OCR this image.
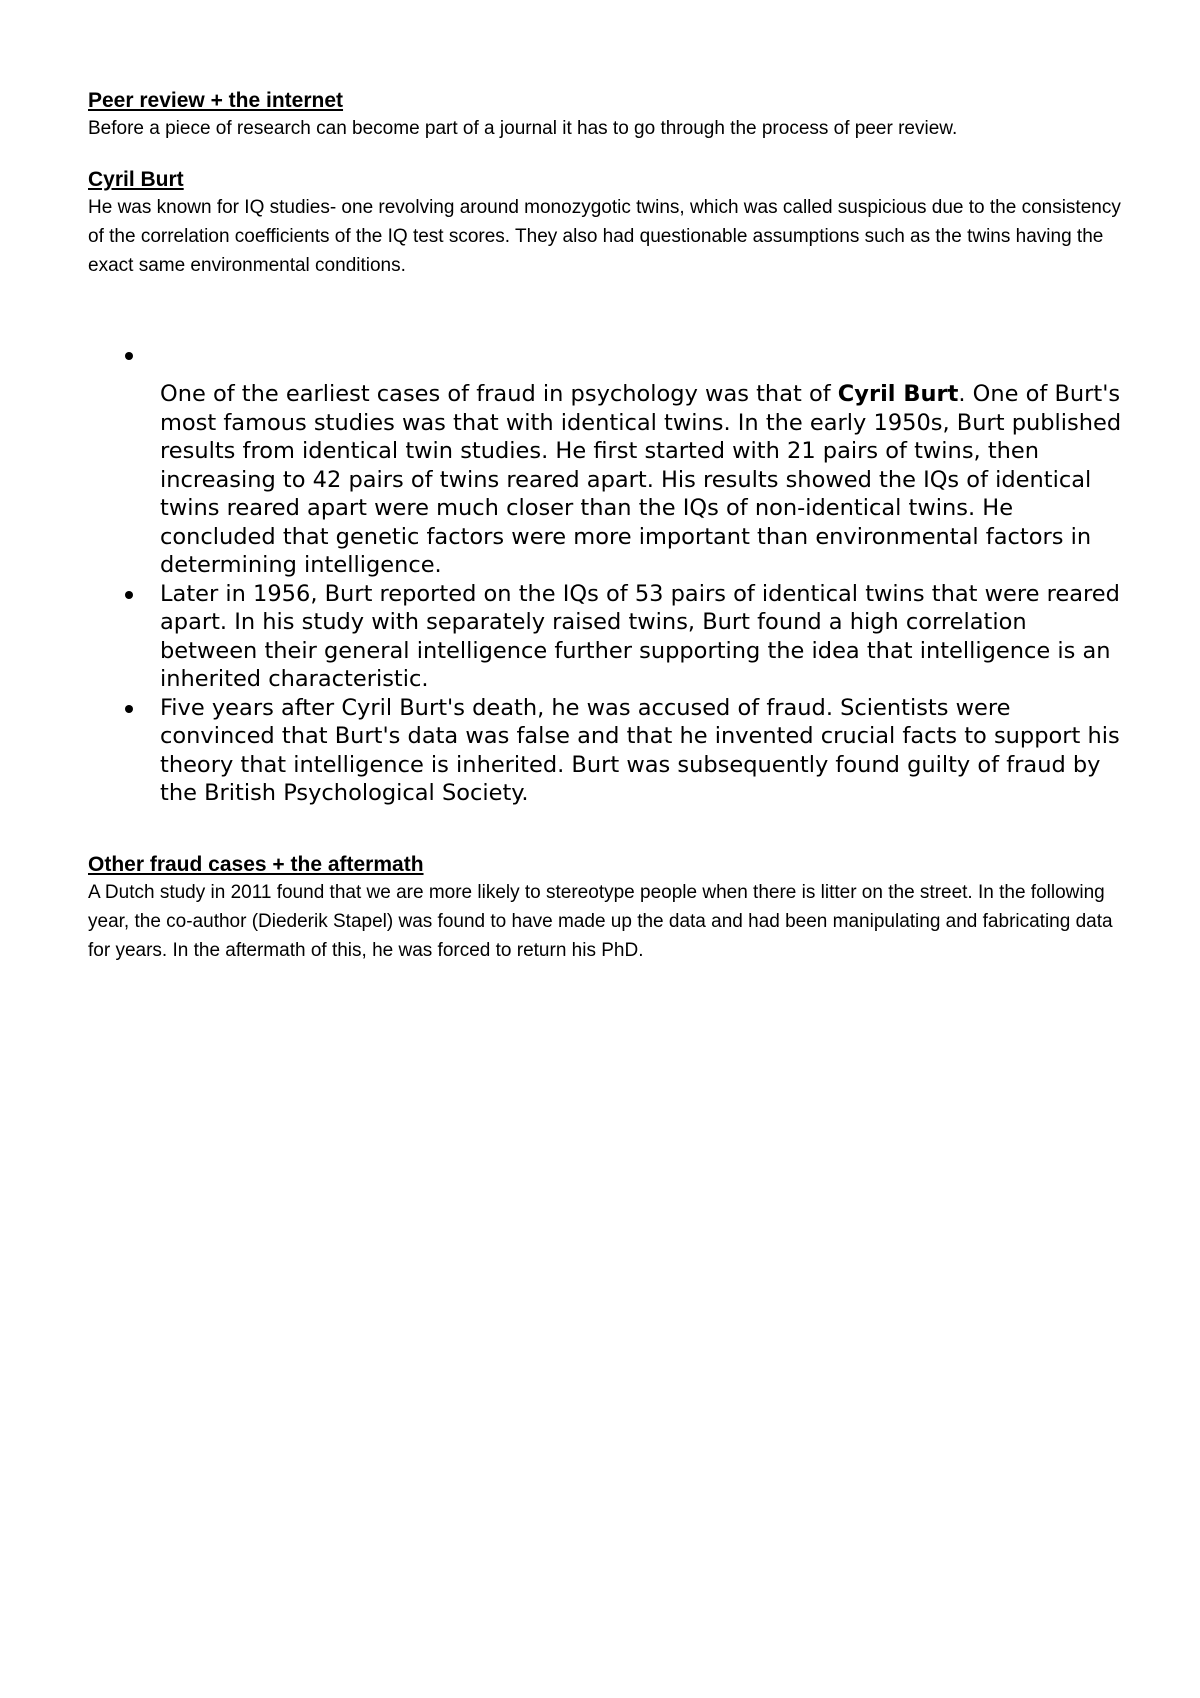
Peer review + the internet

Before a piece of research can become part of a journal it has to go through the process of peer review.

Cyril Burt

He was known for IQ studies- one revolving around monozygotic twins, which was called suspicious due to the consistency of the correlation coefficients of the IQ test scores. They also had questionable assumptions such as the twins having the exact same environmental conditions.

One of the earliest cases of fraud in psychology was that of Cyril Burt. One of Burt's most famous studies was that with identical twins. In the early 1950s, Burt published results from identical twin studies. He first started with 21 pairs of twins, then increasing to 42 pairs of twins reared apart. His results showed the IQs of identical twins reared apart were much closer than the IQs of non-identical twins. He concluded that genetic factors were more important than environmental factors in determining intelligence.
Later in 1956, Burt reported on the IQs of 53 pairs of identical twins that were reared apart. In his study with separately raised twins, Burt found a high correlation between their general intelligence further supporting the idea that intelligence is an inherited characteristic.
Five years after Cyril Burt's death, he was accused of fraud. Scientists were convinced that Burt's data was false and that he invented crucial facts to support his theory that intelligence is inherited. Burt was subsequently found guilty of fraud by the British Psychological Society.
Other fraud cases + the aftermath

A Dutch study in 2011 found that we are more likely to stereotype people when there is litter on the street. In the following year, the co-author (Diederik Stapel) was found to have made up the data and had been manipulating and fabricating data for years. In the aftermath of this, he was forced to return his PhD.
